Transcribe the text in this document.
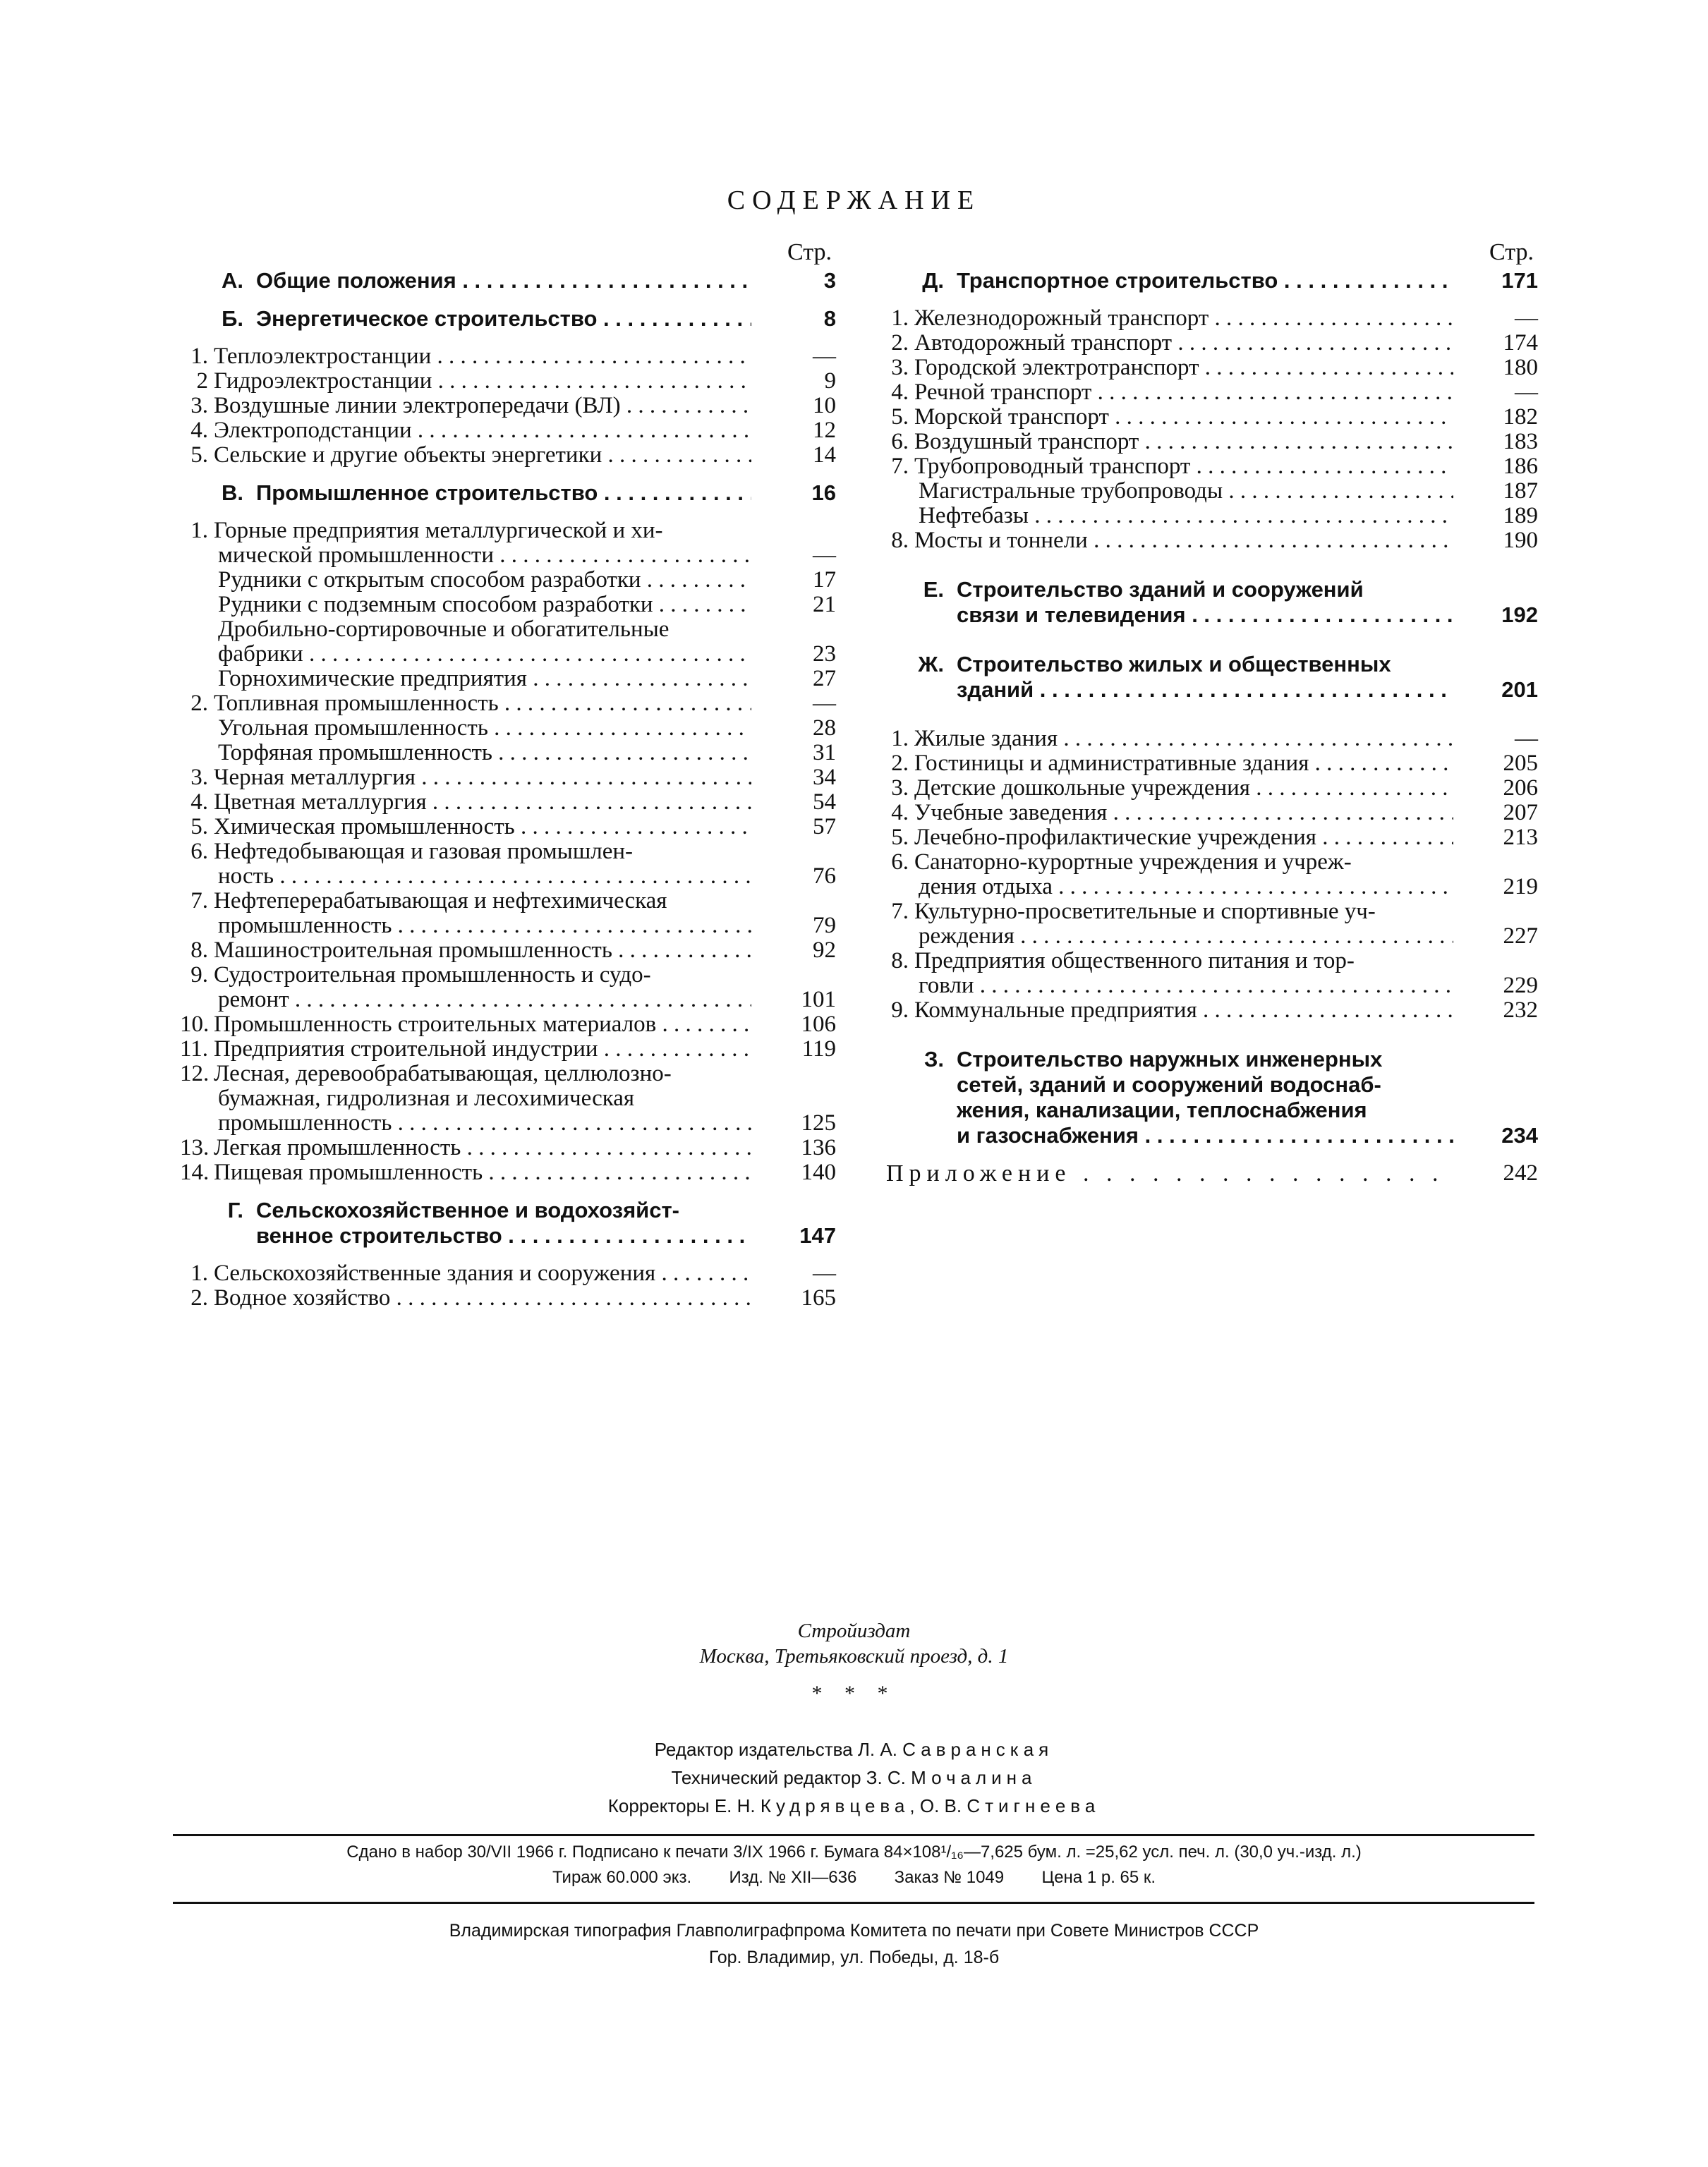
СОДЕРЖАНИЕ
Стр.
А. Общие положения . . .	3
Б. Энергетическое строительство . . .	8
1. Теплоэлектростанции . . .	—
2 Гидроэлектростанции . . .	9
3. Воздушные линии электропередачи (ВЛ) . . .	10
4. Электроподстанции . . .	12
5. Сельские и другие объекты энергетики . . .	14
В. Промышленное строительство . . .	16
1. Горные предприятия металлургической и хи-
мической промышленности . . .	—
Рудники с открытым способом разработки . . .	17
Рудники с подземным способом разработки . . .	21
Дробильно-сортировочные и обогатительные
фабрики . . .	23
Горнохимические предприятия . . .	27
2. Топливная промышленность . . .	—
Угольная промышленность . . .	28
Торфяная промышленность . . .	31
3. Черная металлургия . . .	34
4. Цветная металлургия . . .	54
5. Химическая промышленность . . .	57
6. Нефтедобывающая и газовая промышлен-
ность . . .	76
7. Нефтеперерабатывающая и нефтехимическая
промышленность . . .	79
8. Машиностроительная промышленность . . .	92
9. Судостроительная промышленность и судо-
ремонт . . .	101
10. Промышленность строительных материалов . . .	106
11. Предприятия строительной индустрии . . .	119
12. Лесная, деревообрабатывающая, целлюлозно-
бумажная, гидролизная и лесохимическая
промышленность . . .	125
13. Легкая промышленность . . .	136
14. Пищевая промышленность . . .	140
Г. Сельскохозяйственное и водохозяйст-
венное строительство . . .	147
1. Сельскохозяйственные здания и сооружения . . .	—
2. Водное хозяйство . . .	165
Стр.
Д. Транспортное строительство . . .	171
1. Железнодорожный транспорт . . .	—
2. Автодорожный транспорт . . .	174
3. Городской электротранспорт . . .	180
4. Речной транспорт . . .	—
5. Морской транспорт . . .	182
6. Воздушный транспорт . . .	183
7. Трубопроводный транспорт . . .	186
Магистральные трубопроводы . . .	187
Нефтебазы . . .	189
8. Мосты и тоннели . . .	190
Е. Строительство зданий и сооружений
связи и телевидения . . .	192
Ж. Строительство жилых и общественных
зданий . . .	201
1. Жилые здания . . .	—
2. Гостиницы и административные здания . . .	205
3. Детские дошкольные учреждения . . .	206
4. Учебные заведения . . .	207
5. Лечебно-профилактические учреждения . . .	213
6. Санаторно-курортные учреждения и учреж-
дения отдыха . . .	219
7. Культурно-просветительные и спортивные уч-
реждения . . .	227
8. Предприятия общественного питания и тор-
говли . . .	229
9. Коммунальные предприятия . . .	232
З. Строительство наружных инженерных
сетей, зданий и сооружений водоснаб-
жения, канализации, теплоснабжения
и газоснабжения . . .	234
Приложение . . .	242
Стройиздат
Москва, Третьяковский проезд, д. 1
* * *
Редактор издательства Л. А. Савранская
Технический редактор З. С. Мочалина
Корректоры Е. Н. Кудрявцева, О. В. Стигнеева
Сдано в набор 30/VII 1966 г. Подписано к печати 3/IX 1966 г. Бумага 84×108¹/₁₆—7,625 бум. л. =25,62 усл. печ. л. (30,0 уч.-изд. л.)
Тираж 60.000 экз.        Изд. № XII—636        Заказ № 1049        Цена 1 р. 65 к.
Владимирская типография Главполиграфпрома Комитета по печати при Совете Министров СССР
Гор. Владимир, ул. Победы, д. 18-б
